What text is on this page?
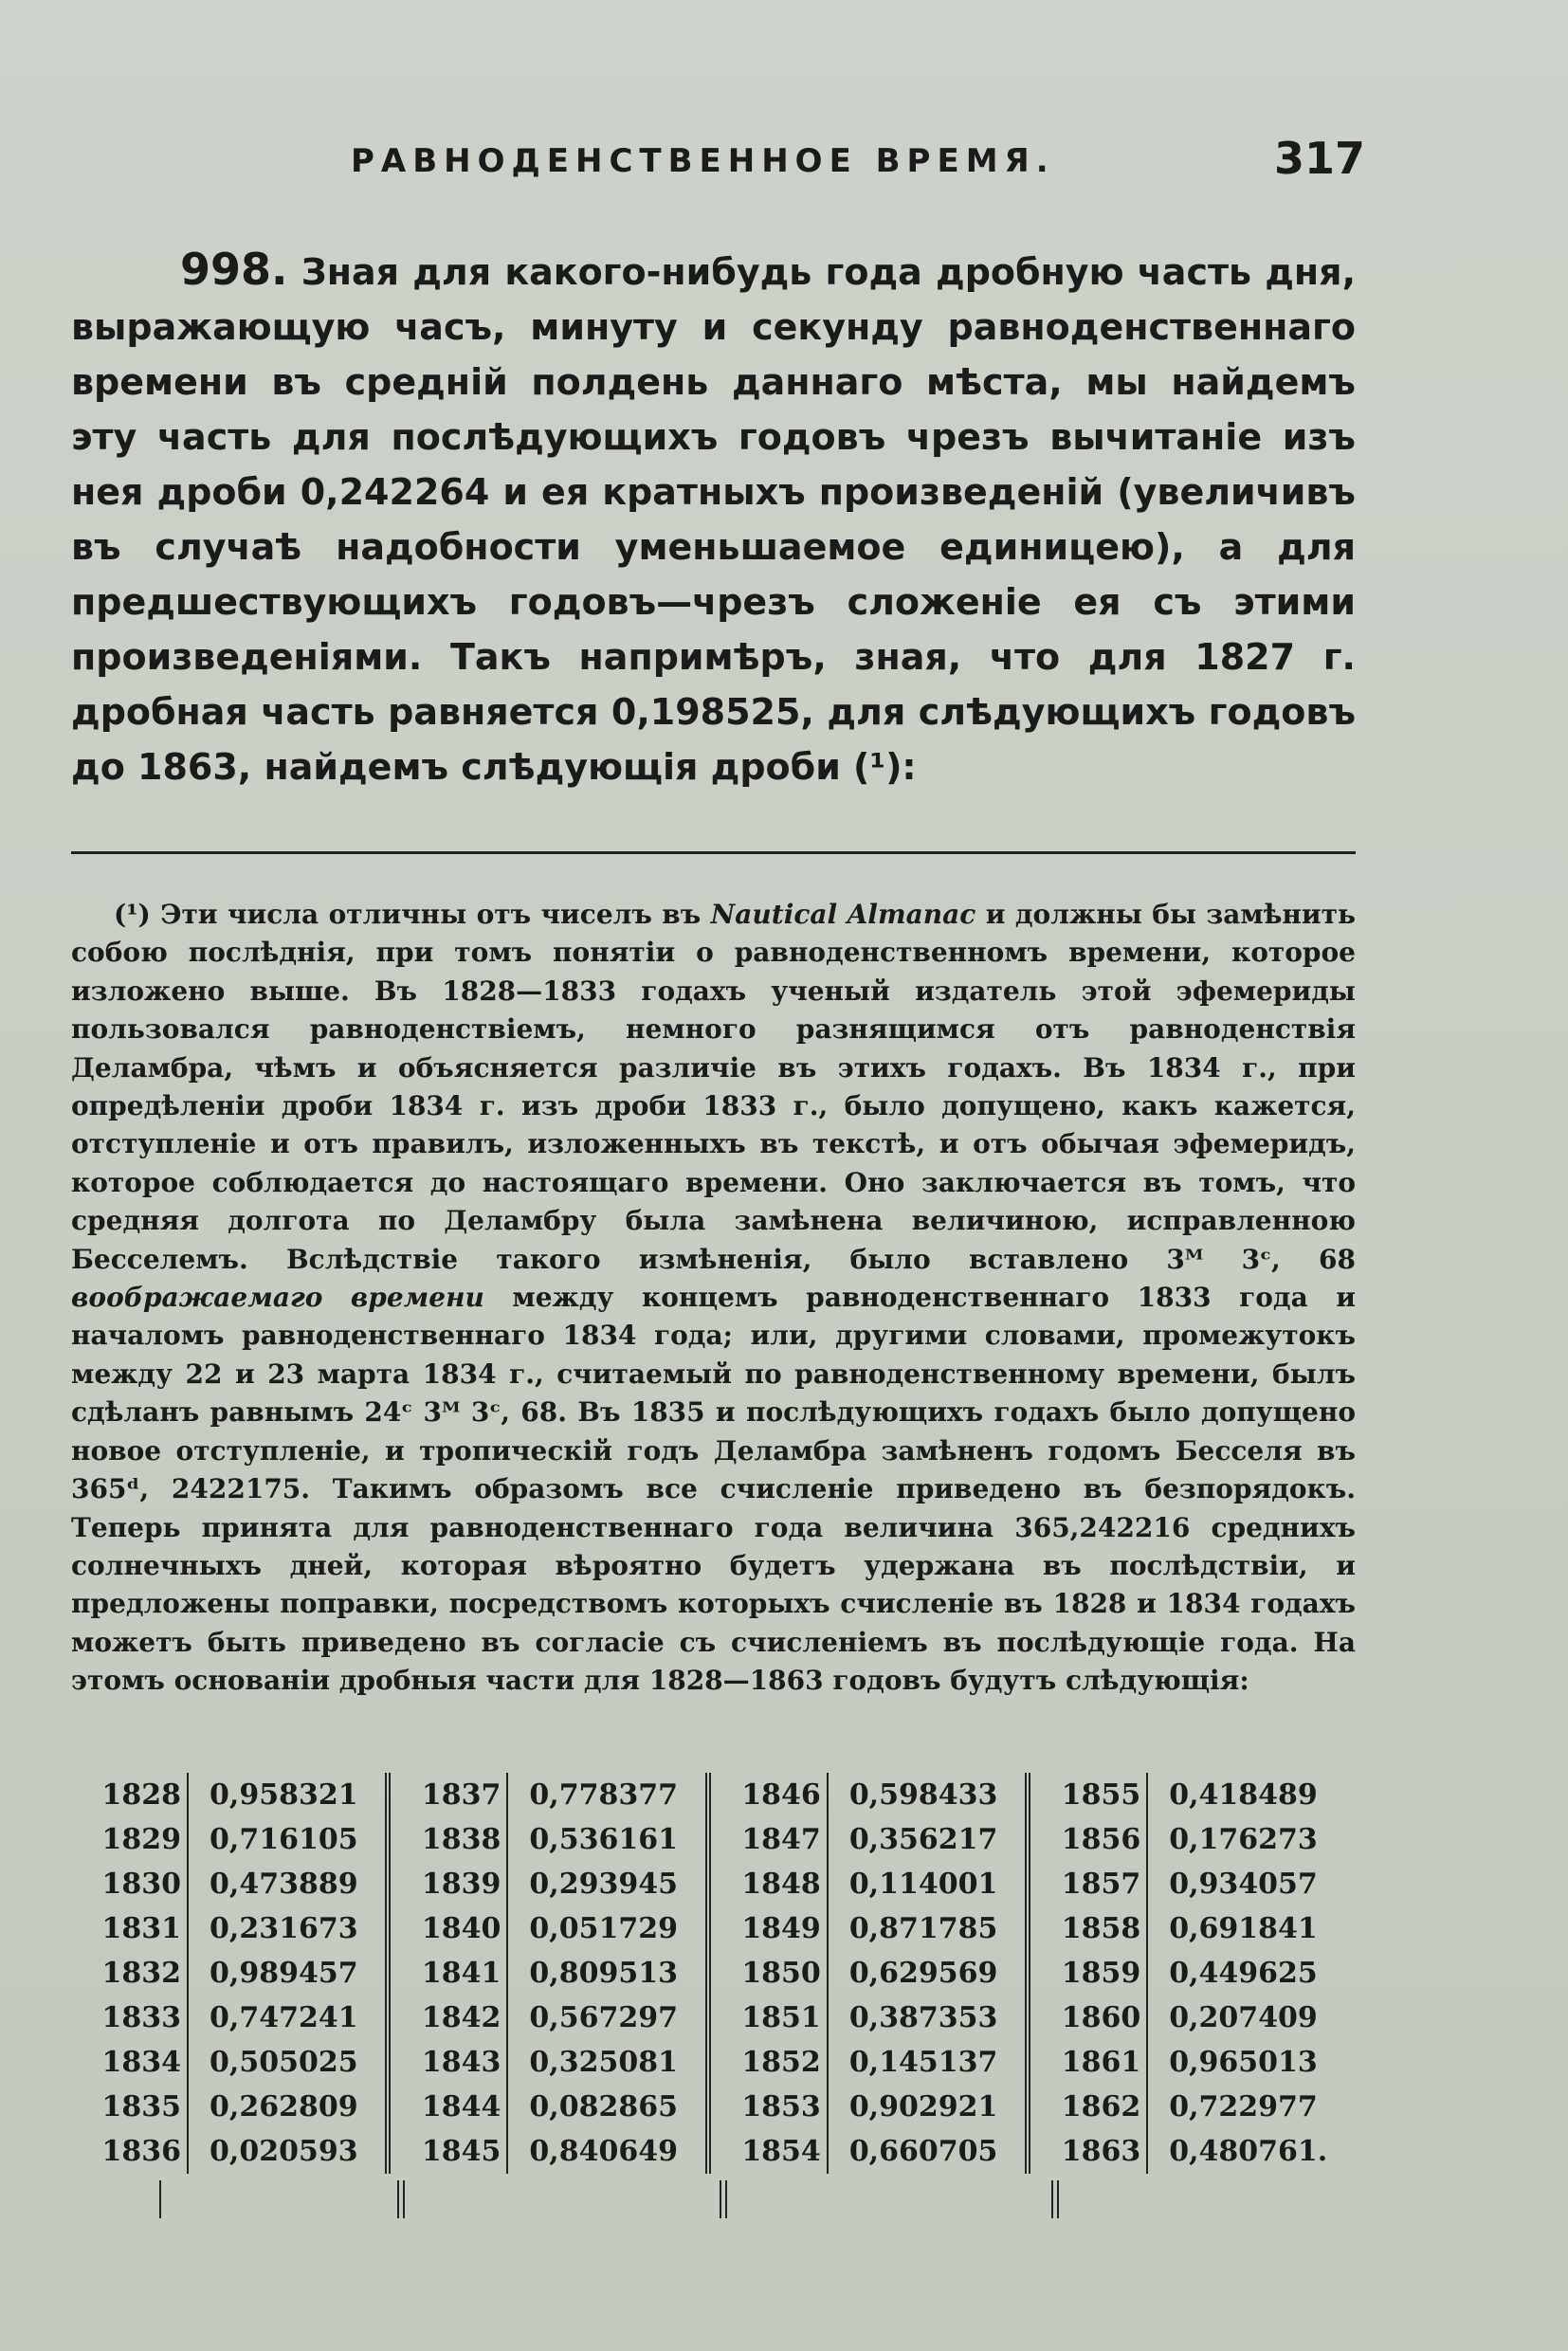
РАВНОДЕНСТВЕННОЕ ВРЕМЯ.	317

998. Зная для какого-нибудь года дробную часть дня, выражающую часъ, минуту и секунду равноденственнаго времени въ средній полдень даннаго мѣста, мы найдемъ эту часть для послѣдующихъ годовъ чрезъ вычитаніе изъ нея дроби 0,242264 и ея кратныхъ произведеній (увеличивъ въ случаѣ надобности уменьшаемое единицею), а для предшествующихъ годовъ—чрезъ сложеніе ея съ этими произведеніями. Такъ напримѣръ, зная, что для 1827 г. дробная часть равняется 0,198525, для слѣдующихъ годовъ до 1863, найдемъ слѣдующія дроби (¹):

(¹) Эти числа отличны отъ чиселъ въ Nautical Almanac и должны бы замѣнить собою послѣднія, при томъ понятіи о равноденственномъ времени, которое изложено выше. Въ 1828—1833 годахъ ученый издатель этой эфемериды пользовался равноденствіемъ, немного разнящимся отъ равноденствія Деламбра, чѣмъ и объясняется различіе въ этихъ годахъ. Въ 1834 г., при опредѣленіи дроби 1834 г. изъ дроби 1833 г., было допущено, какъ кажется, отступленіе и отъ правилъ, изложенныхъ въ текстѣ, и отъ обычая эфемеридъ, которое соблюдается до настоящаго времени. Оно заключается въ томъ, что средняя долгота по Деламбру была замѣнена величиною, исправленною Бесселемъ. Вслѣдствіе такого измѣненія, было вставлено 3ᴹ 3ᶜ, 68 воображаемаго времени между концемъ равноденственнаго 1833 года и началомъ равноденственнаго 1834 года; или, другими словами, промежутокъ между 22 и 23 марта 1834 г., считаемый по равноденственному времени, былъ сдѣланъ равнымъ 24ᶜ 3ᴹ 3ᶜ, 68. Въ 1835 и послѣдующихъ годахъ было допущено новое отступленіе, и тропическій годъ Деламбра замѣненъ годомъ Бесселя въ 365ᵈ, 2422175. Такимъ образомъ все счисленіе приведено въ безпорядокъ. Теперь принята для равноденственнаго года величина 365,242216 среднихъ солнечныхъ дней, которая вѣроятно будетъ удержана въ послѣдствіи, и предложены поправки, посредствомъ которыхъ счисленіе въ 1828 и 1834 годахъ можетъ быть приведено въ согласіе съ счисленіемъ въ послѣдующіе года. На этомъ основаніи дробныя части для 1828—1863 годовъ будутъ слѣдующія:

1828	0,958321	1837	0,778377	1846	0,598433	1855	0,418489
1829	0,716105	1838	0,536161	1847	0,356217	1856	0,176273
1830	0,473889	1839	0,293945	1848	0,114001	1857	0,934057
1831	0,231673	1840	0,051729	1849	0,871785	1858	0,691841
1832	0,989457	1841	0,809513	1850	0,629569	1859	0,449625
1833	0,747241	1842	0,567297	1851	0,387353	1860	0,207409
1834	0,505025	1843	0,325081	1852	0,145137	1861	0,965013
1835	0,262809	1844	0,082865	1853	0,902921	1862	0,722977
1836	0,020593	1845	0,840649	1854	0,660705	1863	0,480761.
